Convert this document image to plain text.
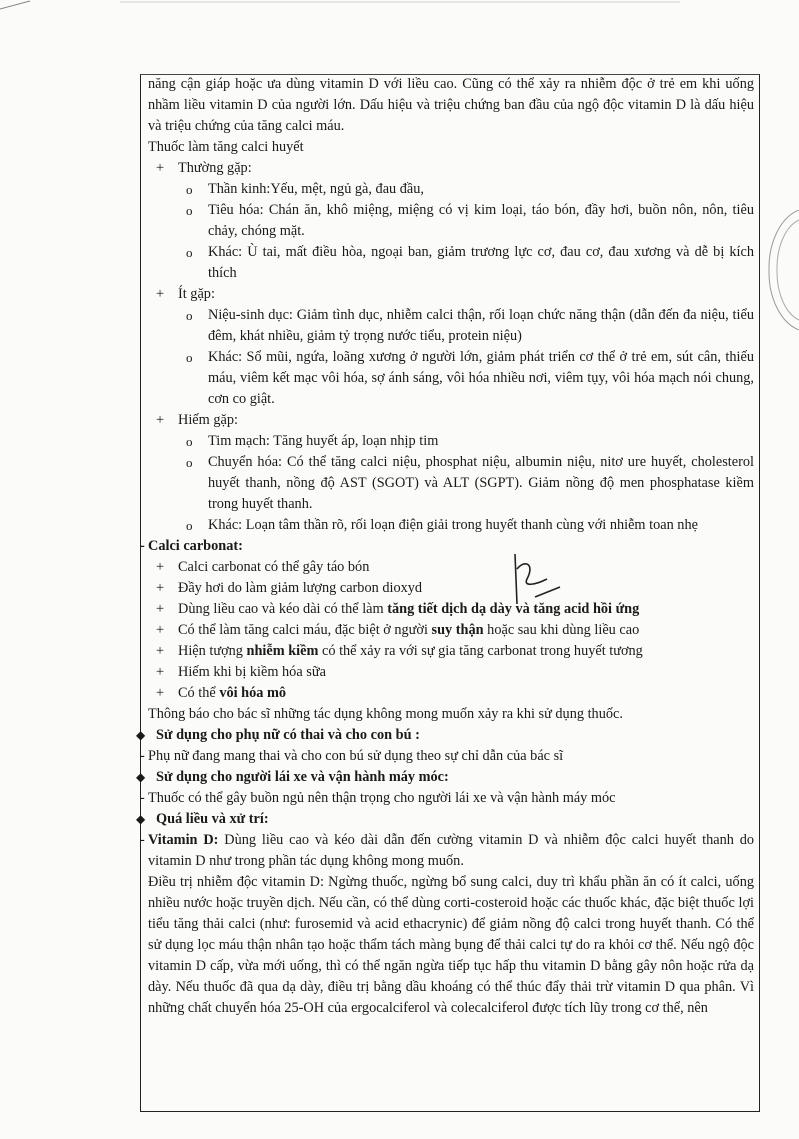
năng cận giáp hoặc ưa dùng vitamin D với liều cao. Cũng có thể xảy ra nhiễm độc ở trẻ em khi uống nhầm liều vitamin D của người lớn. Dấu hiệu và triệu chứng ban đầu của ngộ độc vitamin D là dấu hiệu và triệu chứng của tăng calci máu.

Thuốc làm tăng calci huyết

+ Thường gặp:
o Thần kinh:Yếu, mệt, ngủ gà, đau đầu,
o Tiêu hóa: Chán ăn, khô miệng, miệng có vị kim loại, táo bón, đầy hơi, buồn nôn, nôn, tiêu chảy, chóng mặt.
o Khác: Ù tai, mất điều hòa, ngoại ban, giảm trương lực cơ, đau cơ, đau xương và dễ bị kích thích
+ Ít gặp:
o Niệu-sinh dục: Giảm tình dục, nhiễm calci thận, rối loạn chức năng thận (dẫn đến đa niệu, tiểu đêm, khát nhiều, giảm tỷ trọng nước tiểu, protein niệu)
o Khác: Sổ mũi, ngứa, loãng xương ở người lớn, giảm phát triển cơ thể ở trẻ em, sút cân, thiếu máu, viêm kết mạc vôi hóa, sợ ánh sáng, vôi hóa nhiều nơi, viêm tụy, vôi hóa mạch nói chung, cơn co giật.
+ Hiếm gặp:
o Tim mạch: Tăng huyết áp, loạn nhịp tim
o Chuyển hóa: Có thể tăng calci niệu, phosphat niệu, albumin niệu, nitơ ure huyết, cholesterol huyết thanh, nồng độ AST (SGOT) và ALT (SGPT). Giảm nồng độ men phosphatase kiềm trong huyết thanh.
o Khác: Loạn tâm thần rõ, rối loạn điện giải trong huyết thanh cùng với nhiễm toan nhẹ
- Calci carbonat:
+ Calci carbonat có thể gây táo bón
+ Đầy hơi do làm giảm lượng carbon dioxyd
+ Dùng liều cao và kéo dài có thể làm tăng tiết dịch dạ dày và tăng acid hồi ứng
+ Có thể làm tăng calci máu, đặc biệt ở người suy thận hoặc sau khi dùng liều cao
+ Hiện tượng nhiễm kiềm có thể xảy ra với sự gia tăng carbonat trong huyết tương
+ Hiếm khi bị kiềm hóa sữa
+ Có thể vôi hóa mô

Thông báo cho bác sĩ những tác dụng không mong muốn xảy ra khi sử dụng thuốc.

◆ Sử dụng cho phụ nữ có thai và cho con bú :
- Phụ nữ đang mang thai và cho con bú sử dụng theo sự chỉ dẫn của bác sĩ
◆ Sử dụng cho người lái xe và vận hành máy móc:
- Thuốc có thể gây buồn ngủ nên thận trọng cho người lái xe và vận hành máy móc
◆ Quá liều và xử trí:
- Vitamin D: Dùng liều cao và kéo dài dẫn đến cường vitamin D và nhiễm độc calci huyết thanh do vitamin D như trong phần tác dụng không mong muốn.

Điều trị nhiễm độc vitamin D: Ngừng thuốc, ngừng bổ sung calci, duy trì khẩu phần ăn có ít calci, uống nhiều nước hoặc truyền dịch. Nếu cần, có thể dùng corti-costeroid hoặc các thuốc khác, đặc biệt thuốc lợi tiểu tăng thải calci (như: furosemid và acid ethacrynic) để giảm nồng độ calci trong huyết thanh. Có thể sử dụng lọc máu thận nhân tạo hoặc thẩm tách màng bụng để thải calci tự do ra khỏi cơ thể. Nếu ngộ độc vitamin D cấp, vừa mới uống, thì có thể ngăn ngừa tiếp tục hấp thu vitamin D bằng gây nôn hoặc rửa dạ dày. Nếu thuốc đã qua dạ dày, điều trị bằng dầu khoáng có thể thúc đẩy thải trừ vitamin D qua phân. Vì những chất chuyển hóa 25-OH của ergocalciferol và colecalciferol được tích lũy trong cơ thể, nên
